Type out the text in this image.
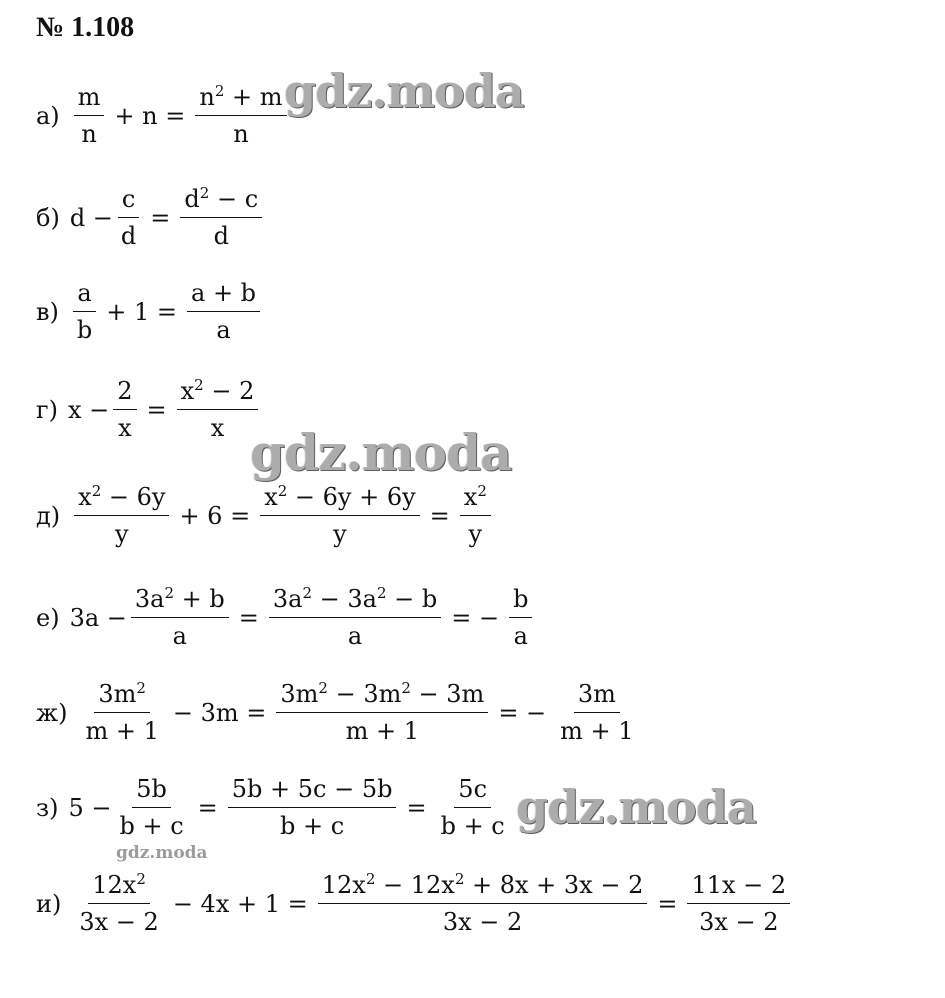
№ 1.108
$а) \frac{m}{n} + n = \frac{n^2 + m}{n}$
б) $d - \frac{c}{d} = \frac{d^2 - c}{d}$
$в) \frac{a}{b} + 1 = \frac{a + b}{a}$
г) $x - \frac{2}{x} = \frac{x^2 - 2}{x}$
$д) \frac{x^2 - 6y}{y} + 6 = \frac{x^2 - 6y + 6y}{y} = \frac{x^2}{y}$
е) $3a - \frac{3a^2 + b}{a} = \frac{3a^2 - 3a^2 - b}{a}$ = − $\frac{b}{a}$
$ж) \frac{3m^2}{m + 1} - 3m = \frac{3m^2 - 3m^2 - 3m}{m + 1}$ = − $\frac{3m}{m + 1}$
з) $5 - \frac{5b}{b + c} = \frac{5b + 5c - 5b}{b + c} = \frac{5c}{b + c}$
$и) \frac{12x^2}{3x - 2} - 4x + 1 = \frac{12x^2 - 12x^2 + 8x + 3x - 2}{3x - 2} = \frac{11x - 2}{3x - 2}$
gdz.moda
gdz.moda
gdz.moda
gdz.moda
